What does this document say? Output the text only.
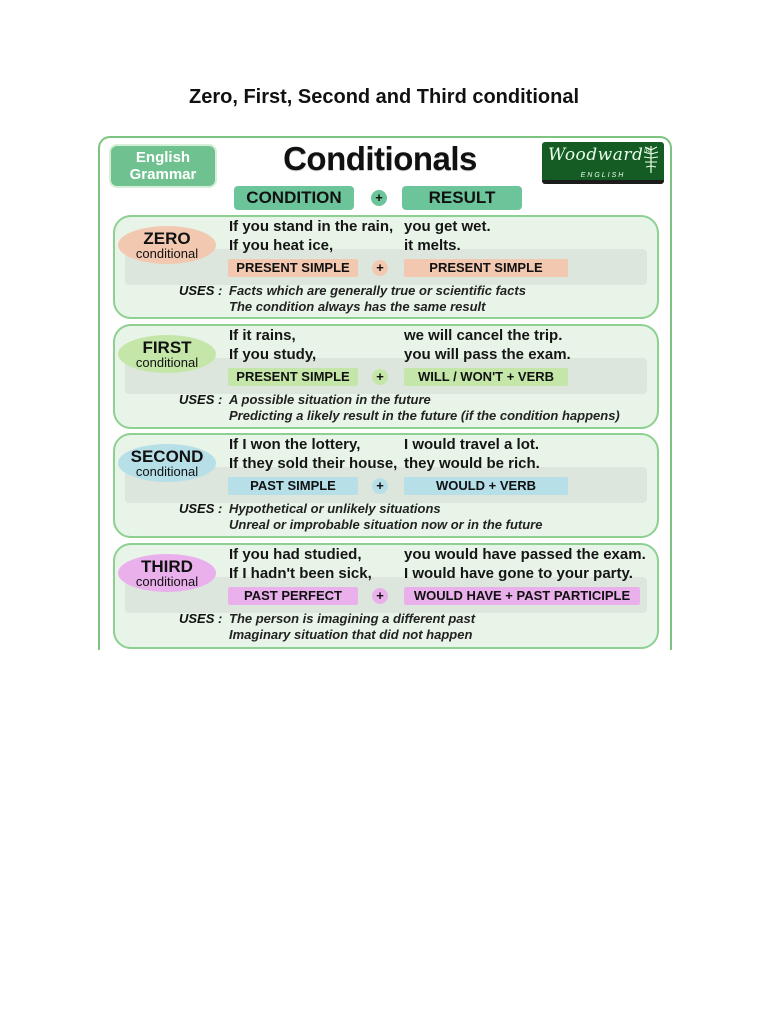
Zero, First, Second and Third conditional
English
Grammar	Conditionals	Woodward®
ENGLISH
CONDITION	+	RESULT
ZERO
conditional
If you stand in the rain, you get wet.
If you heat ice,	it melts.
PRESENT SIMPLE	+	PRESENT SIMPLE
USES : Facts which are generally true or scientific facts
The condition always has the same result
FIRST
conditional
If it rains,	we will cancel the trip.
If you study,	you will pass the exam.
PRESENT SIMPLE	+	WILL / WON'T + VERB
USES : A possible situation in the future
Predicting a likely result in the future (if the condition happens)
SECOND
conditional
If I won the lottery,	I would travel a lot.
If they sold their house, they would be rich.
PAST SIMPLE	+	WOULD + VERB
USES : Hypothetical or unlikely situations
Unreal or improbable situation now or in the future
THIRD
conditional
If you had studied,	you would have passed the exam.
If I hadn't been sick, I would have gone to your party.
PAST PERFECT	+	WOULD HAVE + PAST PARTICIPLE
USES : The person is imagining a different past
Imaginary situation that did not happen
